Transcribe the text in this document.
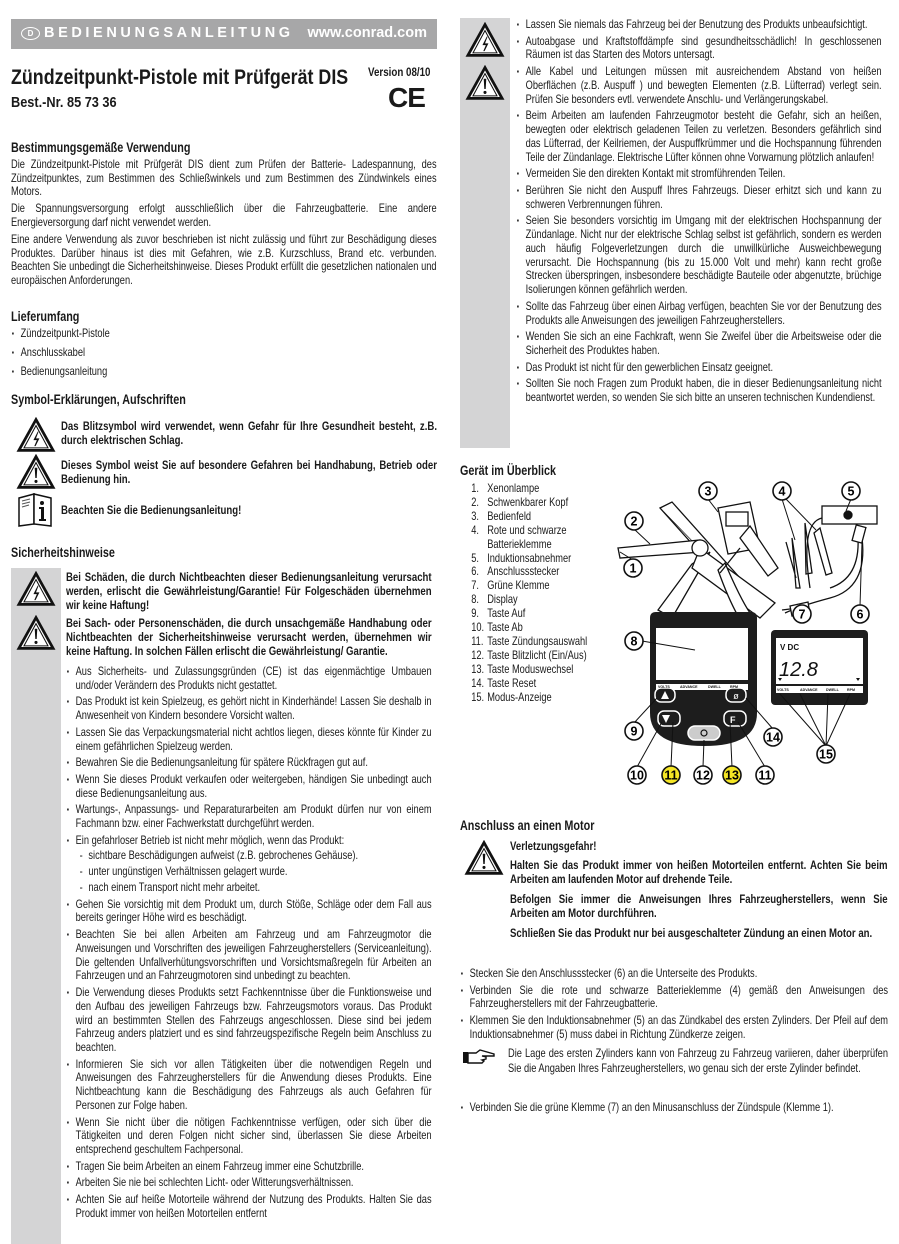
D BEDIENUNGSANLEITUNG www.conrad.com
Zündzeitpunkt-Pistole mit Prüfgerät DIS
Best.-Nr. 85 73 36
Version 08/10
CE
Bestimmungsgemäße Verwendung

Die Zündzeitpunkt-Pistole mit Prüfgerät DIS dient zum Prüfen der Batterie- Ladespannung, des Zündzeitpunktes, zum Bestimmen des Schließwinkels und zum Bestimmen des Zündwinkels eines Motors.

Die Spannungsversorgung erfolgt ausschließlich über die Fahrzeugbatterie. Eine andere Energieversorgung darf nicht verwendet werden.

Eine andere Verwendung als zuvor beschrieben ist nicht zulässig und führt zur Beschädigung dieses Produktes. Darüber hinaus ist dies mit Gefahren, wie z.B. Kurzschluss, Brand etc. verbunden. Beachten Sie unbedingt die Sicherheitshinweise. Dieses Produkt erfüllt die gesetzlichen nationalen und europäischen Anforderungen.

Lieferumfang
▪ Zündzeitpunkt-Pistole
▪ Anschlusskabel
▪ Bedienungsanleitung
Symbol-Erklärungen, Aufschriften
Das Blitzsymbol wird verwendet, wenn Gefahr für Ihre Gesundheit besteht, z.B. durch elektrischen Schlag.
Dieses Symbol weist Sie auf besondere Gefahren bei Handhabung, Betrieb oder Bedienung hin.
Beachten Sie die Bedienungsanleitung!
Sicherheitshinweise
Bei Schäden, die durch Nichtbeachten dieser Bedienungsanleitung verursacht werden, erlischt die Gewährleistung/Garantie! Für Folgeschäden übernehmen wir keine Haftung!
Bei Sach- oder Personenschäden, die durch unsachgemäße Handhabung oder Nichtbeachten der Sicherheitshinweise verursacht werden, übernehmen wir keine Haftung. In solchen Fällen erlischt die Gewährleistung/ Garantie.
▪ Aus Sicherheits- und Zulassungsgründen (CE) ist das eigenmächtige Umbauen und/oder Verändern des Produkts nicht gestattet.
▪ Das Produkt ist kein Spielzeug, es gehört nicht in Kinderhände! Lassen Sie deshalb in Anwesenheit von Kindern besondere Vorsicht walten.
▪ Lassen Sie das Verpackungsmaterial nicht achtlos liegen, dieses könnte für Kinder zu einem gefährlichen Spielzeug werden.
▪ Bewahren Sie die Bedienungsanleitung für spätere Rückfragen gut auf.
▪ Wenn Sie dieses Produkt verkaufen oder weitergeben, händigen Sie unbedingt auch diese Bedienungsanleitung aus.
▪ Wartungs-, Anpassungs- und Reparaturarbeiten am Produkt dürfen nur von einem Fachmann bzw. einer Fachwerkstatt durchgeführt werden.
▪ Ein gefahrloser Betrieb ist nicht mehr möglich, wenn das Produkt:
- sichtbare Beschädigungen aufweist (z.B. gebrochenes Gehäuse).
- unter ungünstigen Verhältnissen gelagert wurde.
- nach einem Transport nicht mehr arbeitet.
▪ Gehen Sie vorsichtig mit dem Produkt um, durch Stöße, Schläge oder dem Fall aus bereits geringer Höhe wird es beschädigt.
▪ Beachten Sie bei allen Arbeiten am Fahrzeug und am Fahrzeugmotor die Anweisungen und Vorschriften des jeweiligen Fahrzeugherstellers (Serviceanleitung). Die geltenden Unfallverhütungsvorschriften und Vorsichtsmaßregeln für Arbeiten an Fahrzeugen und an Fahrzeugmotoren sind unbedingt zu beachten.
▪ Die Verwendung dieses Produkts setzt Fachkenntnisse über die Funktionsweise und den Aufbau des jeweiligen Fahrzeugs bzw. Fahrzeugsmotors voraus. Das Produkt wird an bestimmten Stellen des Fahrzeugs angeschlossen. Diese sind bei jedem Fahrzeug anders platziert und es sind fahrzeugspezifische Regeln beim Anschluss zu beachten.
▪ Informieren Sie sich vor allen Tätigkeiten über die notwendigen Regeln und Anweisungen des Fahrzeugherstellers für die Anwendung dieses Produkts. Eine Nichtbeachtung kann die Beschädigung des Fahrzeugs als auch Gefahren für Personen zur Folge haben.
▪ Wenn Sie nicht über die nötigen Fachkenntnisse verfügen, oder sich über die Tätigkeiten und deren Folgen nicht sicher sind, überlassen Sie diese Arbeiten entsprechend geschultem Fachpersonal.
▪ Tragen Sie beim Arbeiten an einem Fahrzeug immer eine Schutzbrille.
▪ Arbeiten Sie nie bei schlechten Licht- oder Witterungsverhältnissen.
▪ Achten Sie auf heiße Motorteile während der Nutzung des Produkts. Halten Sie das Produkt immer von heißen Motorteilen entfernt
▪ Lassen Sie niemals das Fahrzeug bei der Benutzung des Produkts unbeaufsichtigt.
▪ Autoabgase und Kraftstoffdämpfe sind gesundheitsschädlich! In geschlossenen Räumen ist das Starten des Motors untersagt.
▪ Alle Kabel und Leitungen müssen mit ausreichendem Abstand von heißen Oberflächen (z.B. Auspuff ) und bewegten Elementen (z.B. Lüfterrad) verlegt sein. Prüfen Sie besonders evtl. verwendete Anschlu- und Verlängerungskabel.
▪ Beim Arbeiten am laufenden Fahrzeugmotor besteht die Gefahr, sich an heißen, bewegten oder elektrisch geladenen Teilen zu verletzen. Besonders gefährlich sind das Lüfterrad, der Keilriemen, der Auspuffkrümmer und die Hochspannung führenden Teile der Zündanlage. Elektrische Lüfter können ohne Vorwarnung plötzlich anlaufen!
▪ Vermeiden Sie den direkten Kontakt mit stromführenden Teilen.
▪ Berühren Sie nicht den Auspuff Ihres Fahrzeugs. Dieser erhitzt sich und kann zu schweren Verbrennungen führen.
▪ Seien Sie besonders vorsichtig im Umgang mit der elektrischen Hochspannung der Zündanlage. Nicht nur der elektrische Schlag selbst ist gefährlich, sondern es werden auch häufig Folgeverletzungen durch die unwillkürliche Ausweichbewegung verursacht. Die Hochspannung (bis zu 15.000 Volt und mehr) kann recht große Strecken überspringen, insbesondere beschädigte Bauteile oder abgenutzte, brüchige Isolierungen können gefährlich werden.
▪ Sollte das Fahrzeug über einen Airbag verfügen, beachten Sie vor der Benutzung des Produkts alle Anweisungen des jeweiligen Fahrzeugherstellers.
▪ Wenden Sie sich an eine Fachkraft, wenn Sie Zweifel über die Arbeitsweise oder die Sicherheit des Produktes haben.
▪ Das Produkt ist nicht für den gewerblichen Einsatz geeignet.
▪ Sollten Sie noch Fragen zum Produkt haben, die in dieser Bedienungsanleitung nicht beantwortet werden, so wenden Sie sich bitte an unseren technischen Kundendienst.
Gerät im Überblick
1. Xenonlampe
2. Schwenkbarer Kopf
3. Bedienfeld
4. Rote und schwarze Batterieklemme
5. Induktionsabnehmer
6. Anschlussstecker
7. Grüne Klemme
8. Display
9. Taste Auf
10. Taste Ab
11. Taste Zündungsauswahl
12. Taste Blitzlicht (Ein/Aus)
13. Taste Moduswechsel
14. Taste Reset
15. Modus-Anzeige	ø
F
V DC
12.8
1
2
3	4	5
6
7
8
9
10 11 12 13 11
14
15
VOLTS	ADVANCE	DWELL	RPM
VOLTS	ADVANCE DWELL RPM
Anschluss an einen Motor
Verletzungsgefahr!
Halten Sie das Produkt immer von heißen Motorteilen entfernt. Achten Sie beim Arbeiten am laufenden Motor auf drehende Teile.
Befolgen Sie immer die Anweisungen Ihres Fahrzeugherstellers, wenn Sie Arbeiten am Motor durchführen.
Schließen Sie das Produkt nur bei ausgeschalteter Zündung an einen Motor an.
▪ Stecken Sie den Anschlussstecker (6) an die Unterseite des Produkts.
▪ Verbinden Sie die rote und schwarze Batterieklemme (4) gemäß den Anweisungen des Fahrzeugherstellers mit der Fahrzeugbatterie.
▪ Klemmen Sie den Induktionsabnehmer (5) an das Zündkabel des ersten Zylinders. Der Pfeil auf dem Induktionsabnehmer (5) muss dabei in Richtung Zündkerze zeigen.
Die Lage des ersten Zylinders kann von Fahrzeug zu Fahrzeug variieren, daher überprüfen Sie die Angaben Ihres Fahrzeugherstellers, wo genau sich der erste Zylinder befindet.
▪ Verbinden Sie die grüne Klemme (7) an den Minusanschluss der Zündspule (Klemme 1).
